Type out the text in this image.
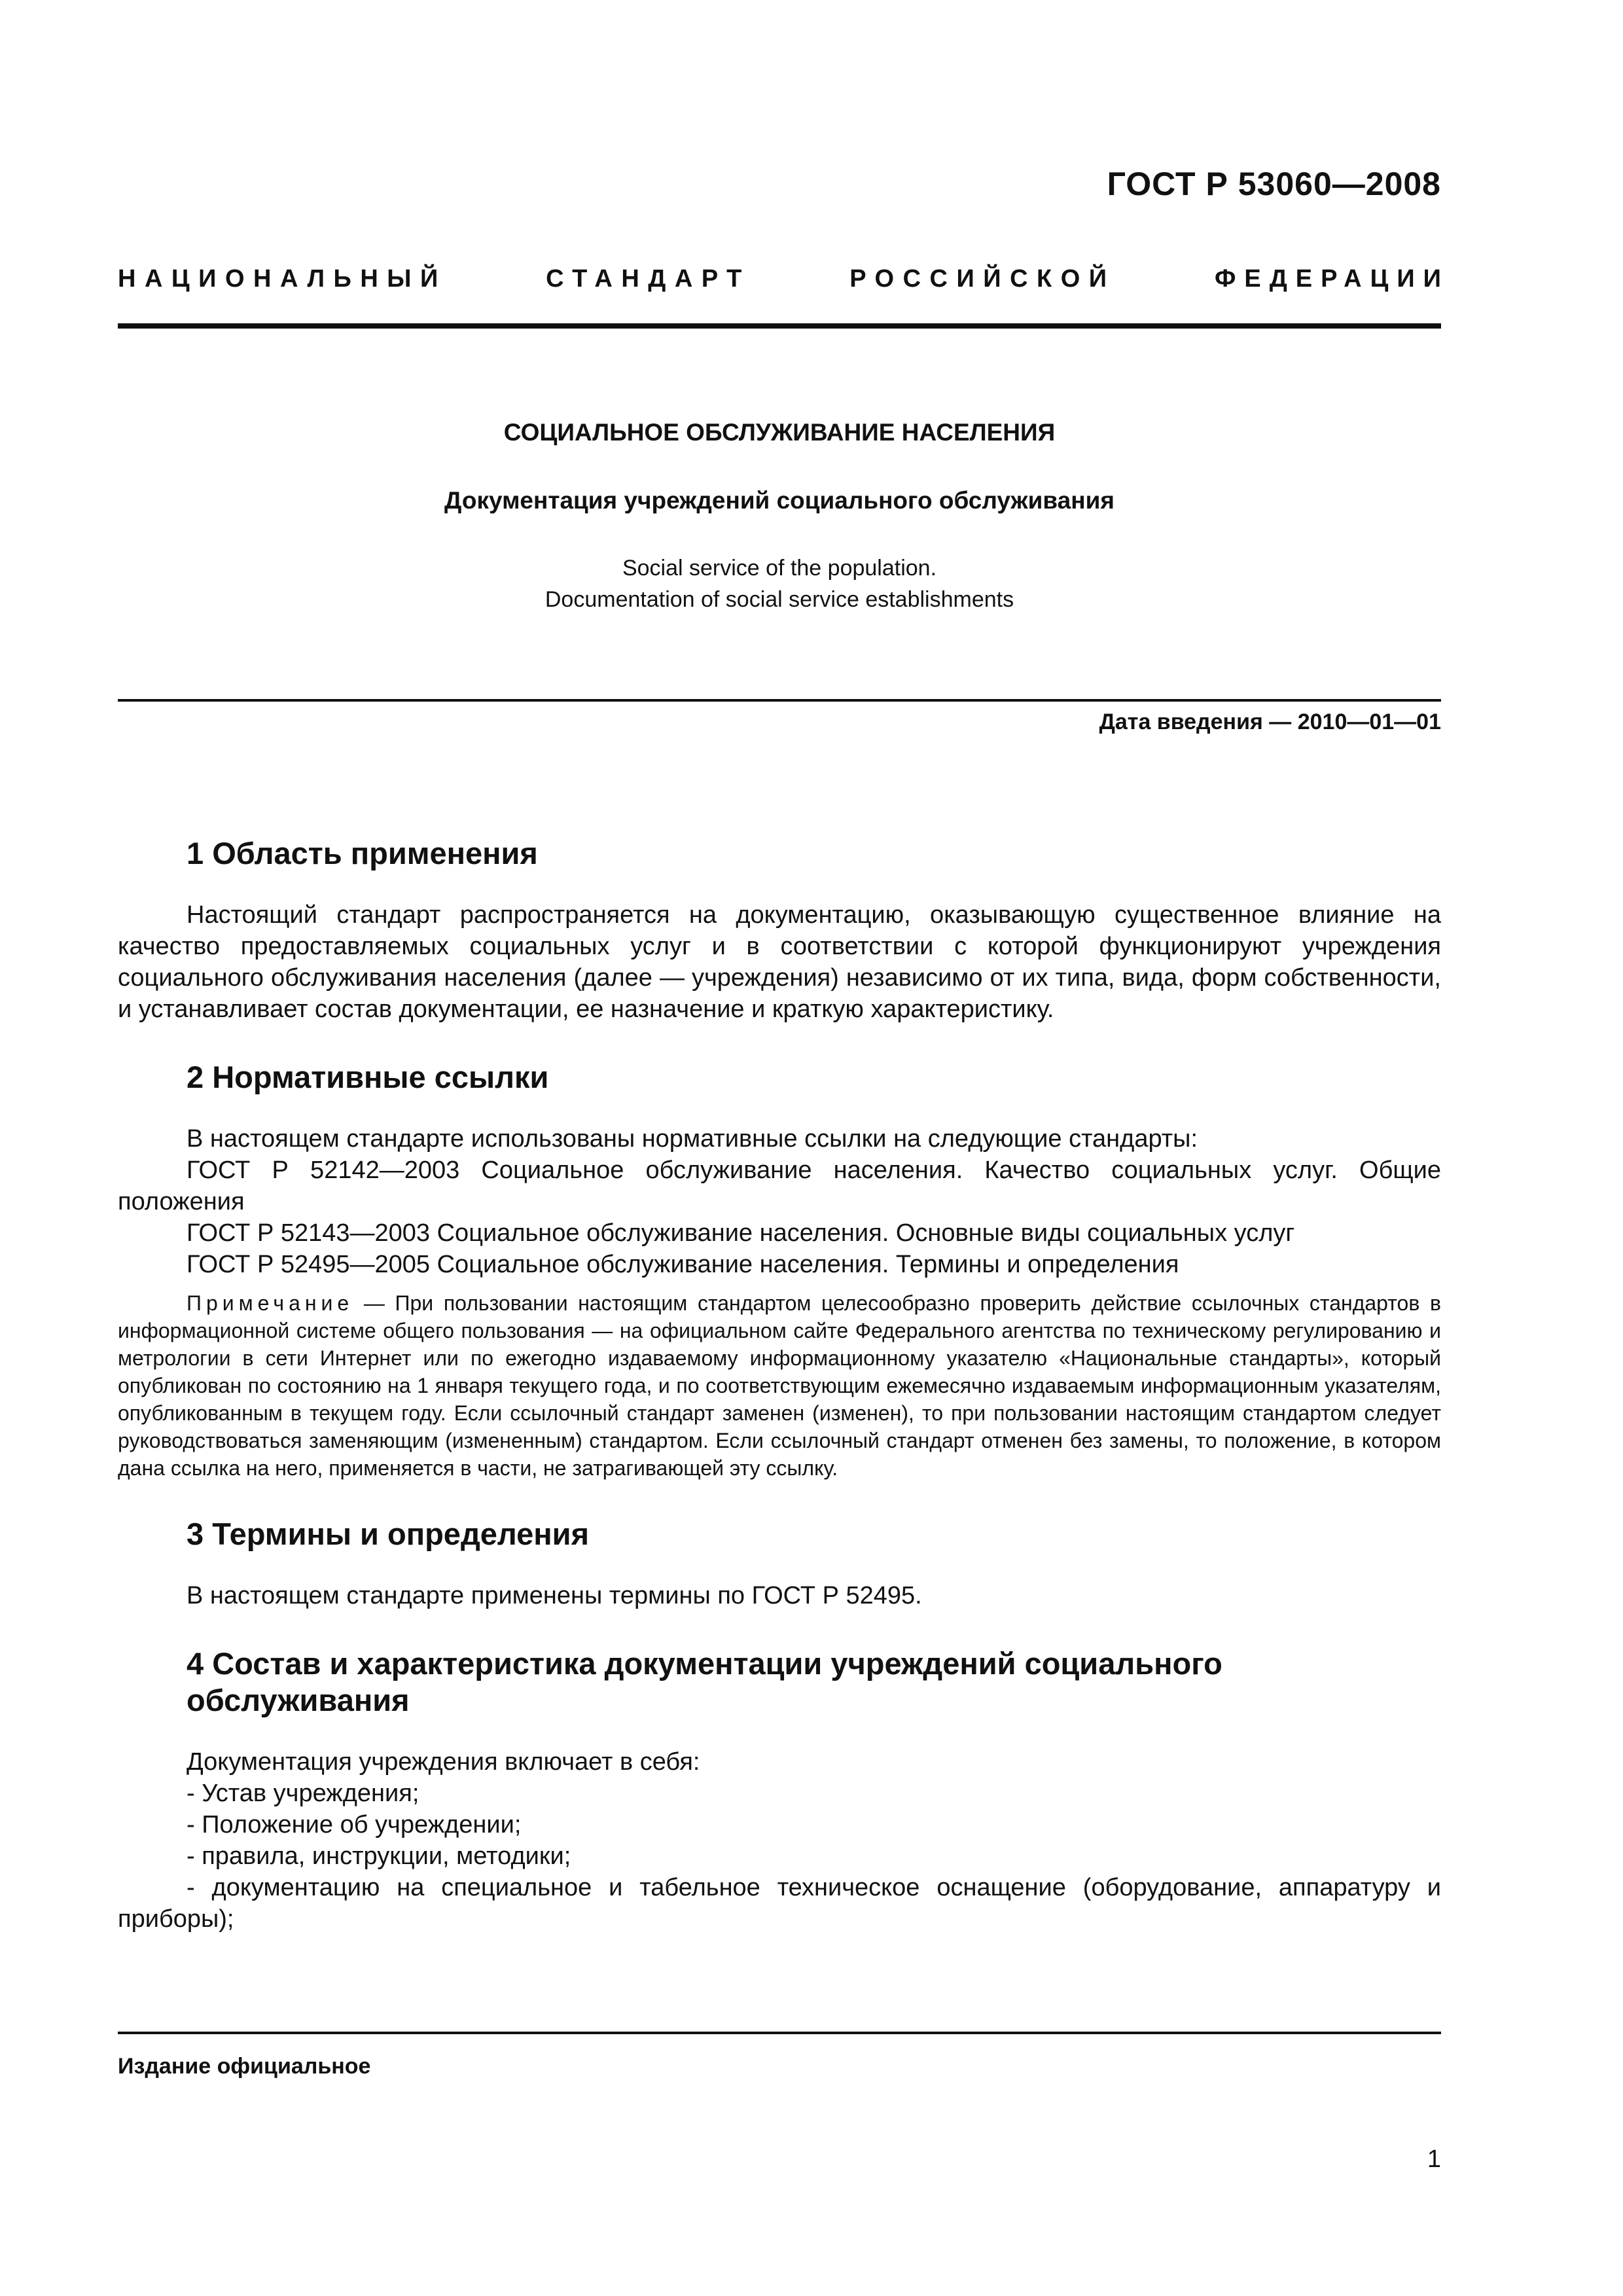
ГОСТ Р 53060—2008
НАЦИОНАЛЬНЫЙ	СТАНДАРТ	РОССИЙСКОЙ	ФЕДЕРАЦИИ
СОЦИАЛЬНОЕ ОБСЛУЖИВАНИЕ НАСЕЛЕНИЯ
Документация учреждений социального обслуживания
Social service of the population.
Documentation of social service establishments
Дата введения — 2010—01—01
1 Область применения

Настоящий стандарт распространяется на документацию, оказывающую существенное влияние на качество предоставляемых социальных услуг и в соответствии с которой функционируют учреждения социального обслуживания населения (далее — учреждения) независимо от их типа, вида, форм собственности, и устанавливает состав документации, ее назначение и краткую характеристику.

2 Нормативные ссылки

В настоящем стандарте использованы нормативные ссылки на следующие стандарты:

ГОСТ Р 52142—2003 Социальное обслуживание населения. Качество социальных услуг. Общие положения

ГОСТ Р 52143—2003 Социальное обслуживание населения. Основные виды социальных услуг

ГОСТ Р 52495—2005 Социальное обслуживание населения. Термины и определения

Примечание — При пользовании настоящим стандартом целесообразно проверить действие ссылочных стандартов в информационной системе общего пользования — на официальном сайте Федерального агентства по техническому регулированию и метрологии в сети Интернет или по ежегодно издаваемому информационному указателю «Национальные стандарты», который опубликован по состоянию на 1 января текущего года, и по соответствующим ежемесячно издаваемым информационным указателям, опубликованным в текущем году. Если ссылочный стандарт заменен (изменен), то при пользовании настоящим стандартом следует руководствоваться заменяющим (измененным) стандартом. Если ссылочный стандарт отменен без замены, то положение, в котором дана ссылка на него, применяется в части, не затрагивающей эту ссылку.

3 Термины и определения

В настоящем стандарте применены термины по ГОСТ Р 52495.

4 Состав и характеристика документации учреждений социального
обслуживания

Документация учреждения включает в себя:

- Устав учреждения;
- Положение об учреждении;
- правила, инструкции, методики;
- документацию на специальное и табельное техническое оснащение (оборудование, аппаратуру и приборы);
Издание официальное
1
